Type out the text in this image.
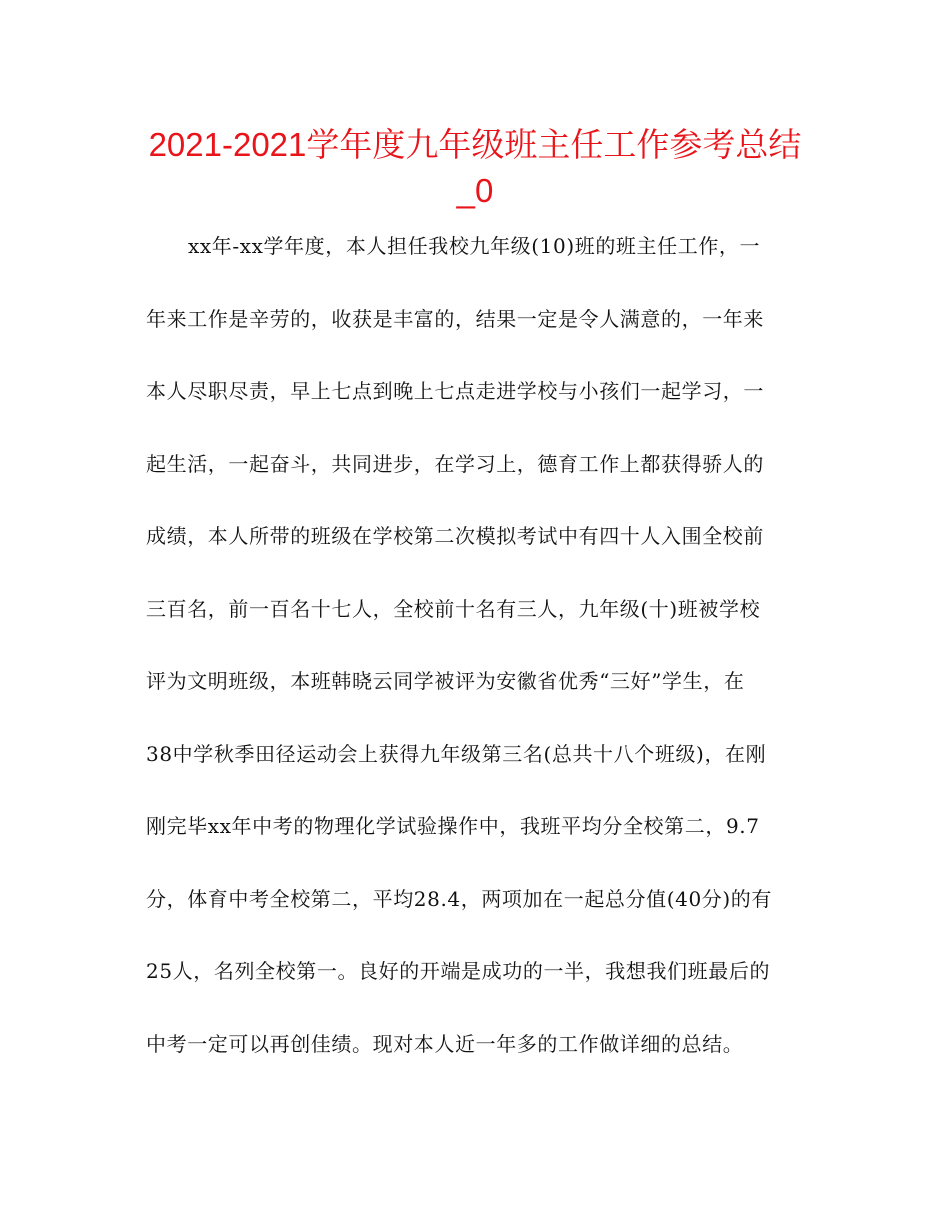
2021-2021学年度九年级班主任工作参考总结
_0
xx年-xx学年度，本人担任我校九年级(10)班的班主任工作，一
年来工作是辛劳的，收获是丰富的，结果一定是令人满意的，一年来
本人尽职尽责，早上七点到晚上七点走进学校与小孩们一起学习，一
起生活，一起奋斗，共同进步，在学习上，德育工作上都获得骄人的
成绩，本人所带的班级在学校第二次模拟考试中有四十人入围全校前
三百名，前一百名十七人，全校前十名有三人，九年级(十)班被学校
评为文明班级，本班韩晓云同学被评为安徽省优秀“三好”学生，在
38中学秋季田径运动会上获得九年级第三名(总共十八个班级)，在刚
刚完毕xx年中考的物理化学试验操作中，我班平均分全校第二，9.7
分，体育中考全校第二，平均28.4，两项加在一起总分值(40分)的有
25人，名列全校第一。良好的开端是成功的一半，我想我们班最后的
中考一定可以再创佳绩。现对本人近一年多的工作做详细的总结。
